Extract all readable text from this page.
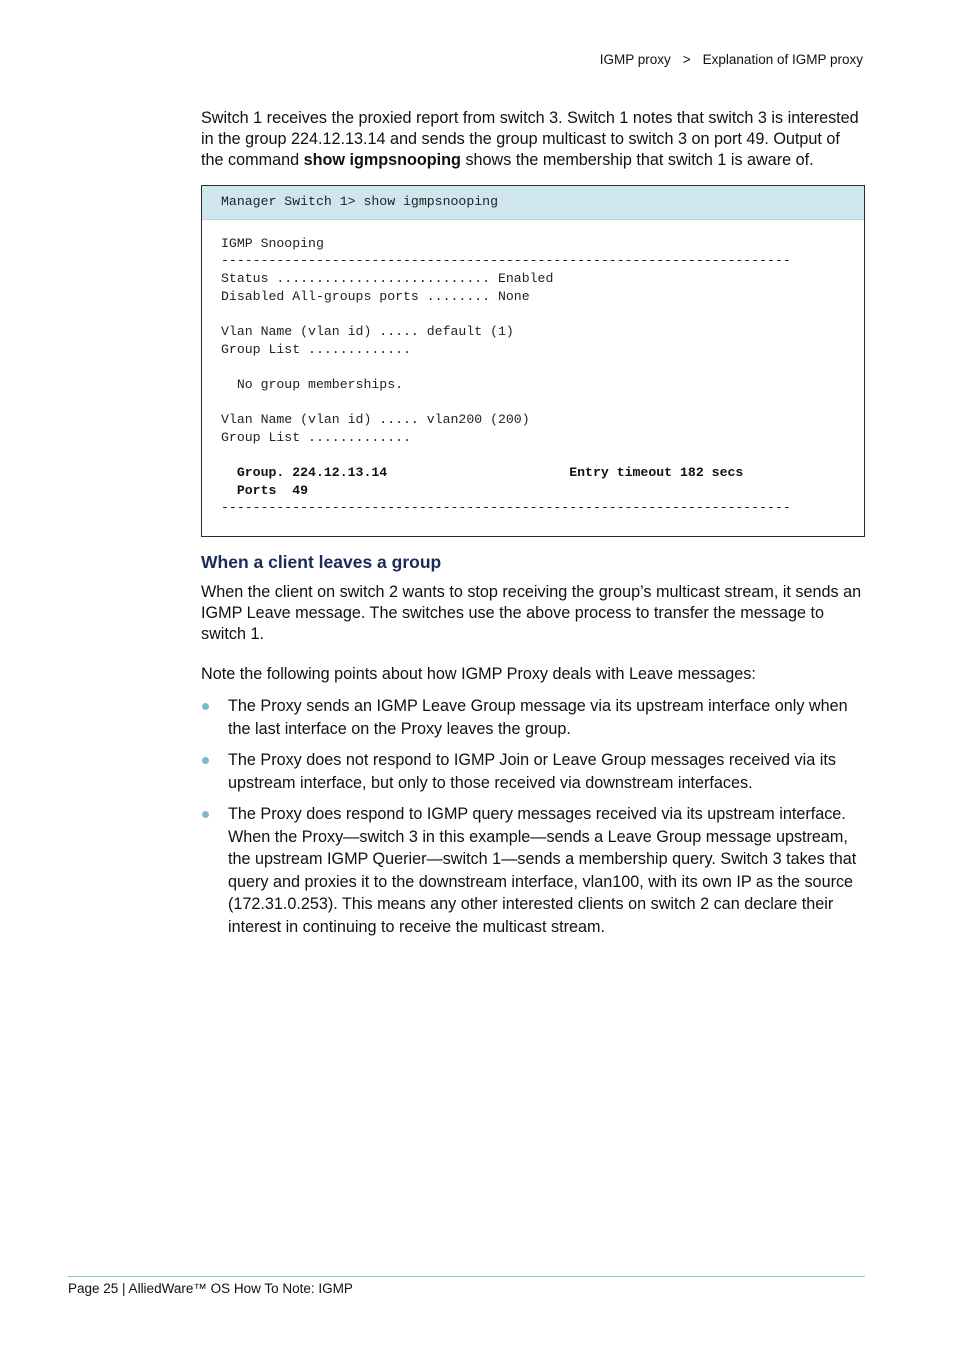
IGMP proxy > Explanation of IGMP proxy
Switch 1 receives the proxied report from switch 3. Switch 1 notes that switch 3 is interested in the group 224.12.13.14 and sends the group multicast to switch 3 on port 49. Output of the command show igmpsnooping shows the membership that switch 1 is aware of.
Manager Switch 1> show igmpsnooping
IGMP Snooping
------------------------------------------------------------------------
Status ........................... Enabled
Disabled All-groups ports ........ None
Vlan Name (vlan id) ..... default (1)
Group List .............
No group memberships.
Vlan Name (vlan id) ..... vlan200 (200)
Group List .............
Group. 224.12.13.14                       Entry timeout 182 secs
Ports  49
------------------------------------------------------------------------
When a client leaves a group
When the client on switch 2 wants to stop receiving the group’s multicast stream, it sends an IGMP Leave message. The switches use the above process to transfer the message to switch 1.
Note the following points about how IGMP Proxy deals with Leave messages:
The Proxy sends an IGMP Leave Group message via its upstream interface only when the last interface on the Proxy leaves the group.
The Proxy does not respond to IGMP Join or Leave Group messages received via its upstream interface, but only to those received via downstream interfaces.
The Proxy does respond to IGMP query messages received via its upstream interface. When the Proxy—switch 3 in this example—sends a Leave Group message upstream, the upstream IGMP Querier—switch 1—sends a membership query. Switch 3 takes that query and proxies it to the downstream interface, vlan100, with its own IP as the source (172.31.0.253). This means any other interested clients on switch 2 can declare their interest in continuing to receive the multicast stream.
Page 25 | AlliedWare™ OS How To Note: IGMP
